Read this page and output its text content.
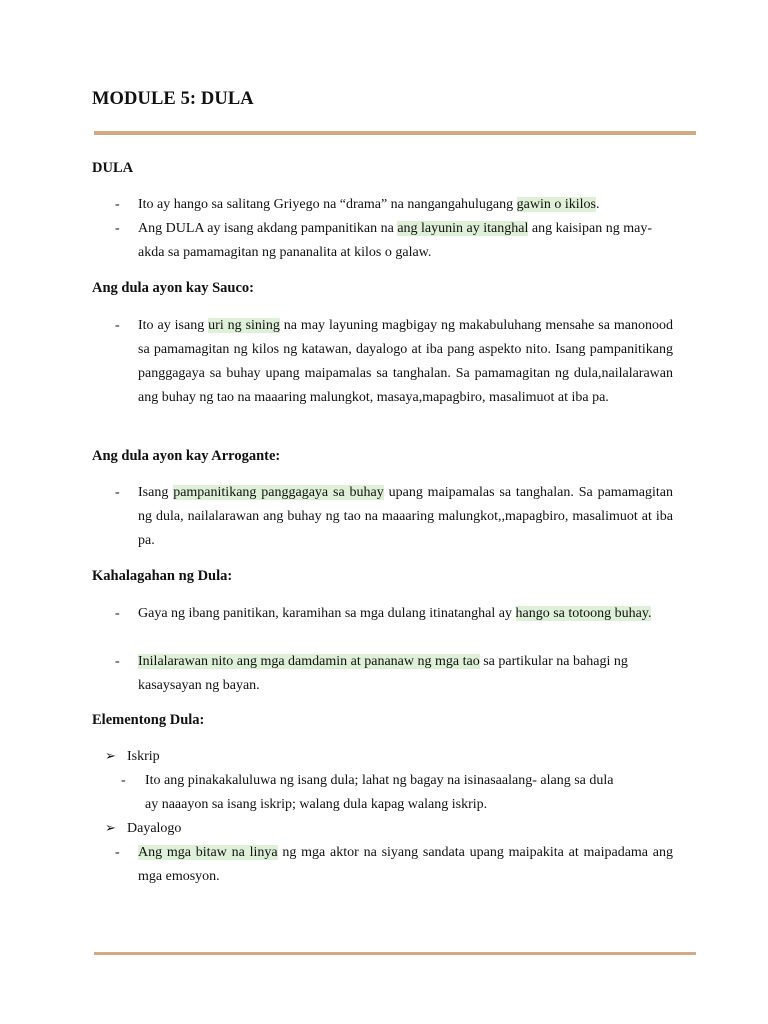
MODULE 5: DULA
DULA
- Ito ay hango sa salitang Griyego na “drama” na nangangahulugang gawin o ikilos.
- Ang DULA ay isang akdang pampanitikan na ang layunin ay itanghal ang kaisipan ng may-akda sa pamamagitan ng pananalita at kilos o galaw.
Ang dula ayon kay Sauco:
- Ito ay isang uri ng sining na may layuning magbigay ng makabuluhang mensahe sa manonood sa pamamagitan ng kilos ng katawan, dayalogo at iba pang aspekto nito. Isang pampanitikang panggagaya sa buhay upang maipamalas sa tanghalan. Sa pamamagitan ng dula,nailalarawan ang buhay ng tao na maaaring malungkot, masaya,mapagbiro, masalimuot at iba pa.
Ang dula ayon kay Arrogante:
- Isang pampanitikang panggagaya sa buhay upang maipamalas sa tanghalan. Sa pamamagitan ng dula, nailalarawan ang buhay ng tao na maaaring malungkot,,mapagbiro, masalimuot at iba pa.
Kahalagahan ng Dula:
- Gaya ng ibang panitikan, karamihan sa mga dulang itinatanghal ay hango sa totoong buhay.
- Inilalarawan nito ang mga damdamin at pananaw ng mga tao sa partikular na bahagi ng kasaysayan ng bayan.
Elementong Dula:
➢ Iskrip
- Ito ang pinakakaluluwa ng isang dula; lahat ng bagay na isinasaalang- alang sa dula
ay naaayon sa isang iskrip; walang dula kapag walang iskrip.
➢ Dayalogo
- Ang mga bitaw na linya ng mga aktor na siyang sandata upang maipakita at maipadama ang mga emosyon.
